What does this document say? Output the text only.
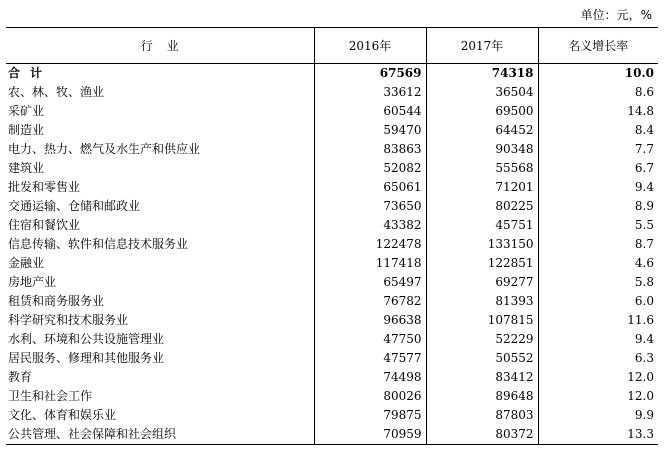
单位：元，%
行业	2016年	2017年	名义增长率
合计	67569	74318	10.0
农、林、牧、渔业	33612	36504	8.6
采矿业	60544	69500	14.8
制造业	59470	64452	8.4
电力、热力、燃气及水生产和供应业	83863	90348	7.7
建筑业	52082	55568	6.7
批发和零售业	65061	71201	9.4
交通运输、仓储和邮政业	73650	80225	8.9
住宿和餐饮业	43382	45751	5.5
信息传输、软件和信息技术服务业	122478	133150	8.7
金融业	117418	122851	4.6
房地产业	65497	69277	5.8
租赁和商务服务业	76782	81393	6.0
科学研究和技术服务业	96638	107815	11.6
水利、环境和公共设施管理业	47750	52229	9.4
居民服务、修理和其他服务业	47577	50552	6.3
教育	74498	83412	12.0
卫生和社会工作	80026	89648	12.0
文化、体育和娱乐业	79875	87803	9.9
公共管理、社会保障和社会组织	70959	80372	13.3
